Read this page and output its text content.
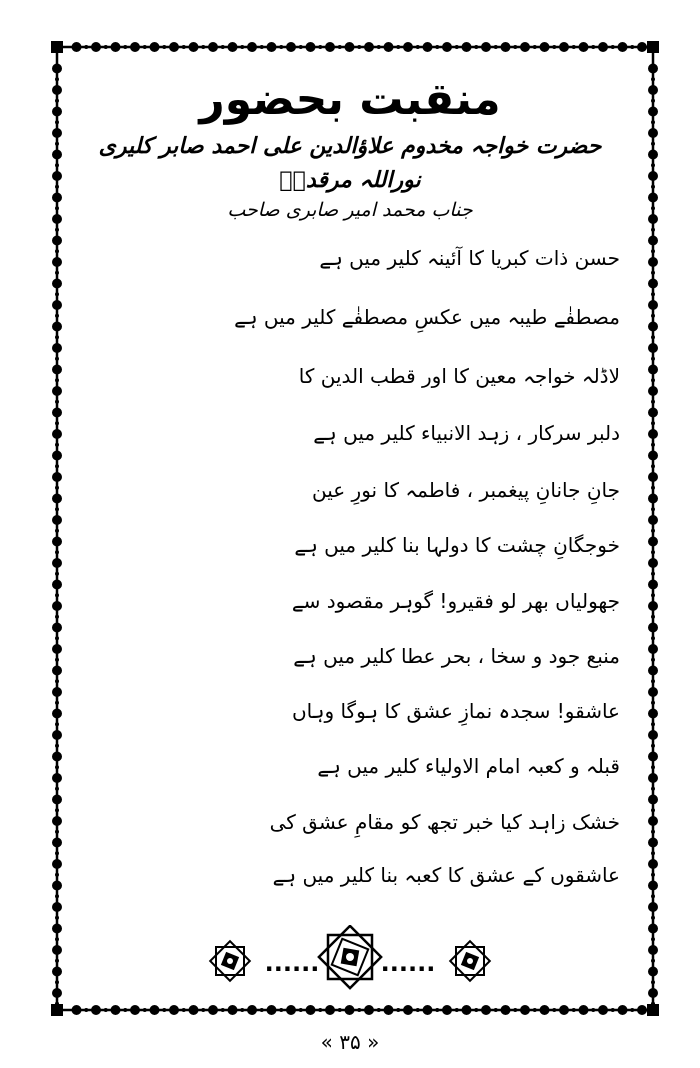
منقبت بحضور
حضرت خواجہ مخدوم علاؤالدین علی احمد صابر کلیری نوراللہ مرقدہٗ
جناب محمد امیر صابری صاحب
حسن ذات کبریا کا آئینہ کلیر میں ہے
مصطفٰے طیبہ میں عکسِ مصطفٰے کلیر میں ہے
لاڈلہ خواجہ معین کا اور قطب الدین کا
دلبر سرکار ، زہد الانبیاء کلیر میں ہے
جانِ جانانِ پیغمبر ، فاطمہ کا نورِ عین
خوجگانِ چشت کا دولہا بنا کلیر میں ہے
جھولیاں بھر لو فقیرو! گوہر مقصود سے
منبع جود و سخا ، بحر عطا کلیر میں ہے
عاشقو! سجدہ نمازِ عشق کا ہوگا وہاں
قبلہ و کعبہ امام الاولیاء کلیر میں ہے
خشک زاہد کیا خبر تجھ کو مقامِ عشق کی
عاشقوں کے عشق کا کعبہ بنا کلیر میں ہے
......	......
« ۳۵ »
